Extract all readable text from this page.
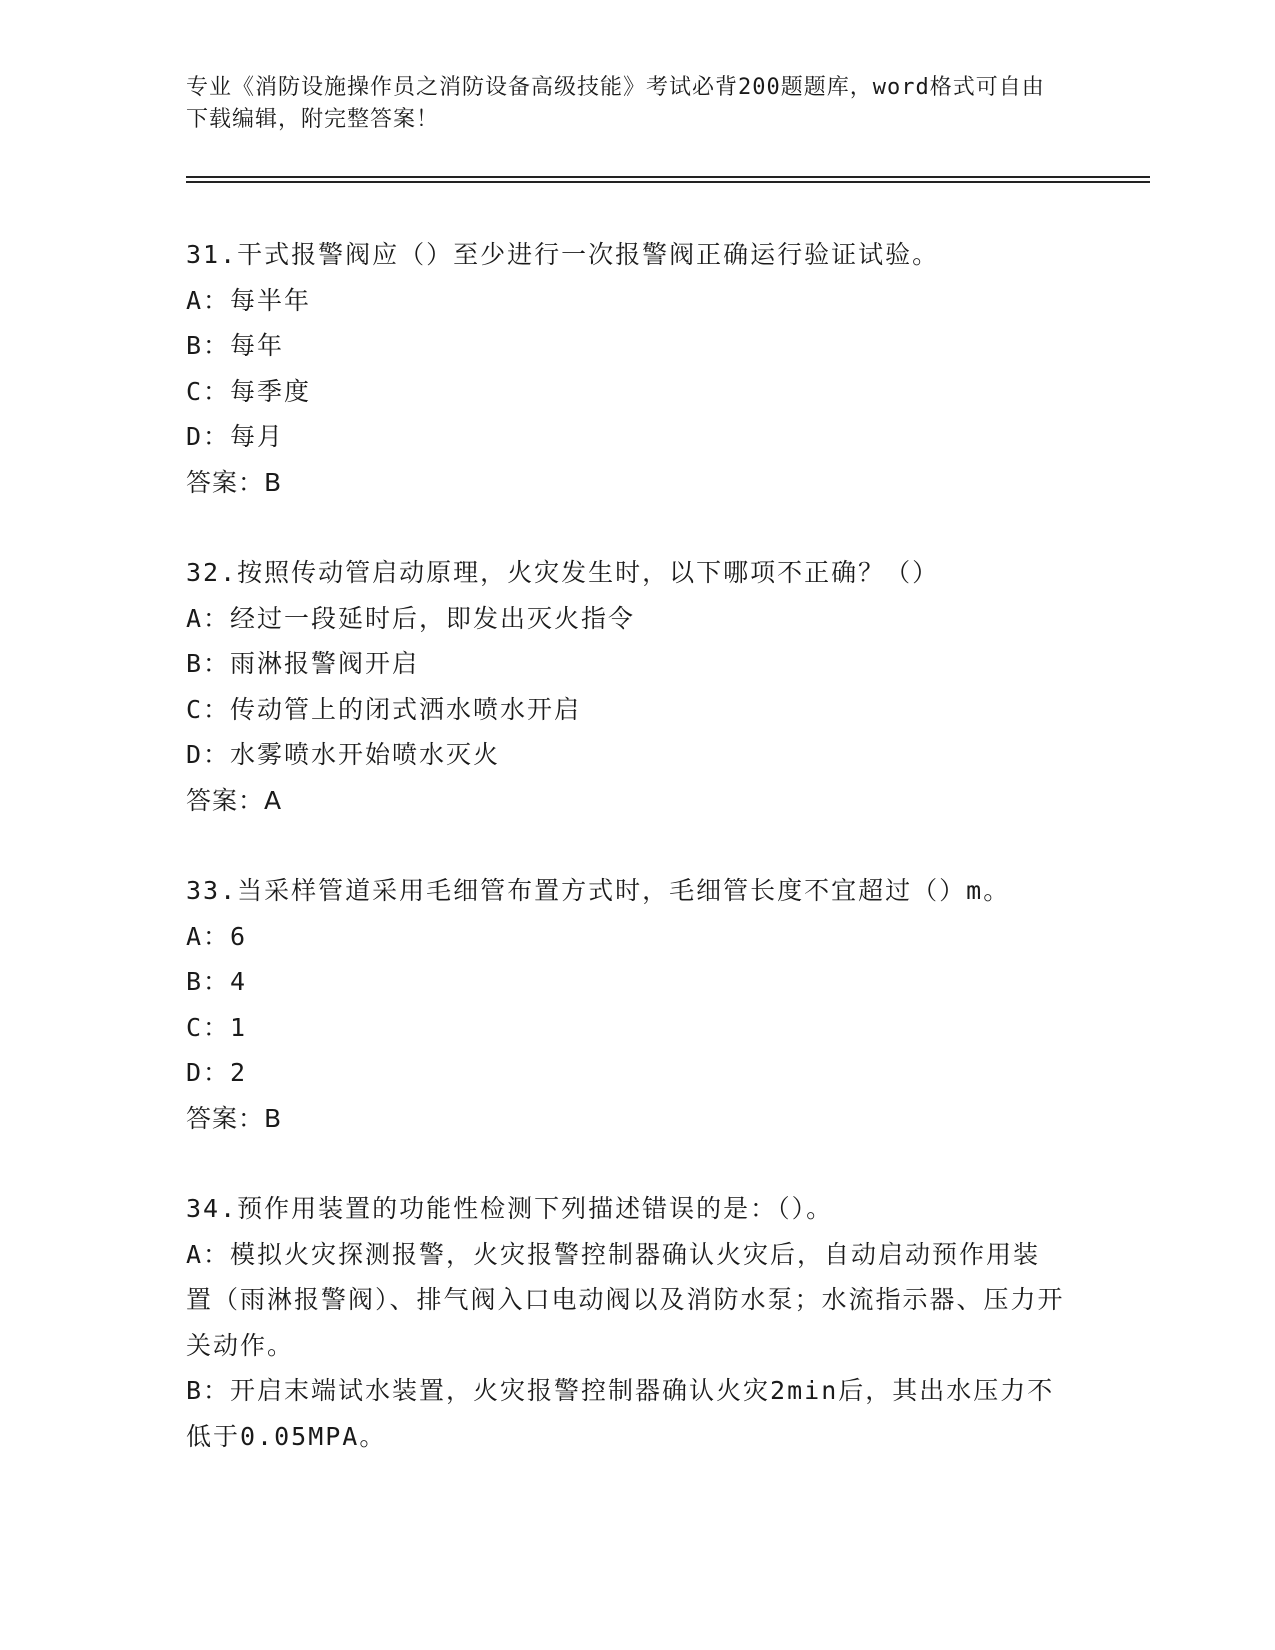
专业《消防设施操作员之消防设备高级技能》考试必背200题题库，word格式可自由下载编辑，附完整答案！
31.干式报警阀应（）至少进行一次报警阀正确运行验证试验。
A：每半年
B：每年
C：每季度
D：每月
答案：B
32.按照传动管启动原理，火灾发生时，以下哪项不正确？（）
A：经过一段延时后，即发出灭火指令
B：雨淋报警阀开启
C：传动管上的闭式洒水喷水开启
D：水雾喷水开始喷水灭火
答案：A
33.当采样管道采用毛细管布置方式时，毛细管长度不宜超过（）m。
A：6
B：4
C：1
D：2
答案：B
34.预作用装置的功能性检测下列描述错误的是：（）。
A：模拟火灾探测报警，火灾报警控制器确认火灾后，自动启动预作用装置（雨淋报警阀）、排气阀入口电动阀以及消防水泵；水流指示器、压力开关动作。
B：开启末端试水装置，火灾报警控制器确认火灾2min后，其出水压力不低于0.05MPA。
